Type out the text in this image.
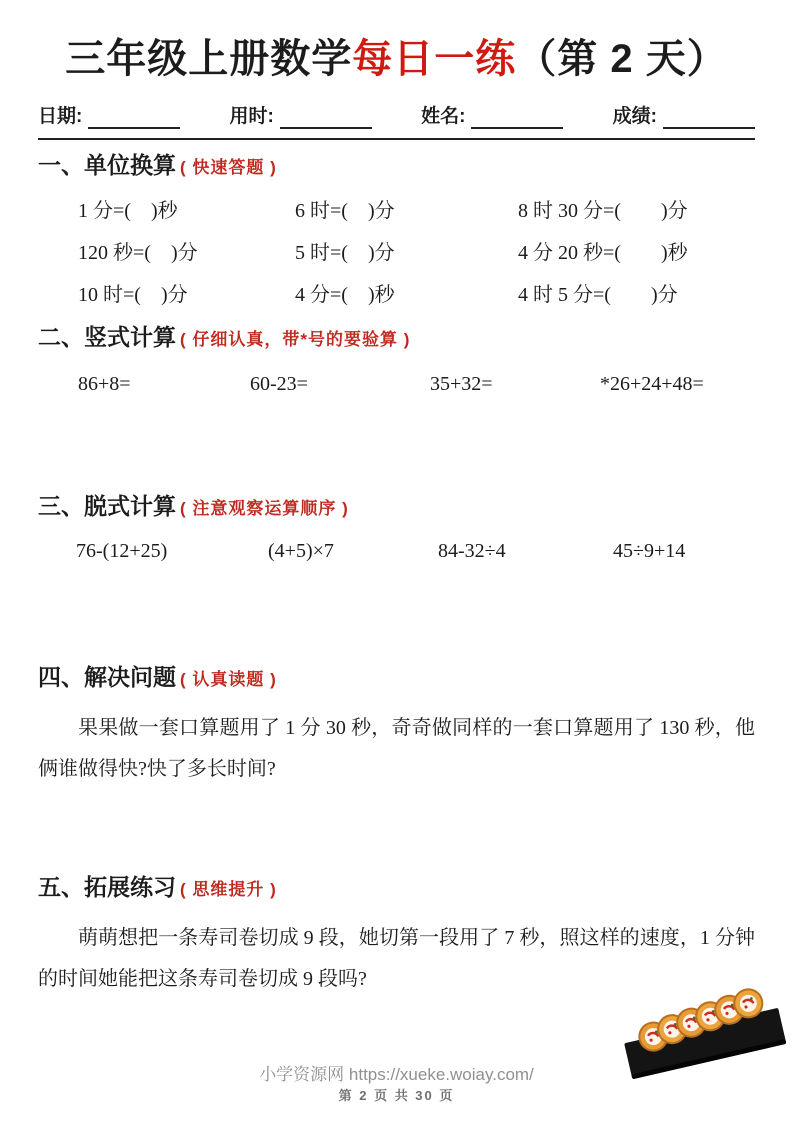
三年级上册数学每日一练（第 2 天）
日期:	用时:	姓名:	成绩:
一、单位换算 ( 快速答题 )
1 分=(　)秒	6 时=(　)分	8 时 30 分=(　　)分
120 秒=(　)分	5 时=(　)分	4 分 20 秒=(　　)秒
10 时=(　)分	4 分=(　)秒	4 时 5 分=(　　)分
二、竖式计算 ( 仔细认真，带*号的要验算 )
86+8=	60-23=	35+32=	*26+24+48=
三、脱式计算 ( 注意观察运算顺序 )
76-(12+25)	(4+5)×7	84-32÷4	45÷9+14
四、解决问题 ( 认真读题 )

果果做一套口算题用了 1 分 30 秒，奇奇做同样的一套口算题用了 130 秒，他俩谁做得快?快了多长时间?

五、拓展练习 ( 思维提升 )

萌萌想把一条寿司卷切成 9 段，她切第一段用了 7 秒，照这样的速度，1 分钟的时间她能把这条寿司卷切成 9 段吗?

小学资源网 https://xueke.woiay.com/
第 2 页 共 30 页
